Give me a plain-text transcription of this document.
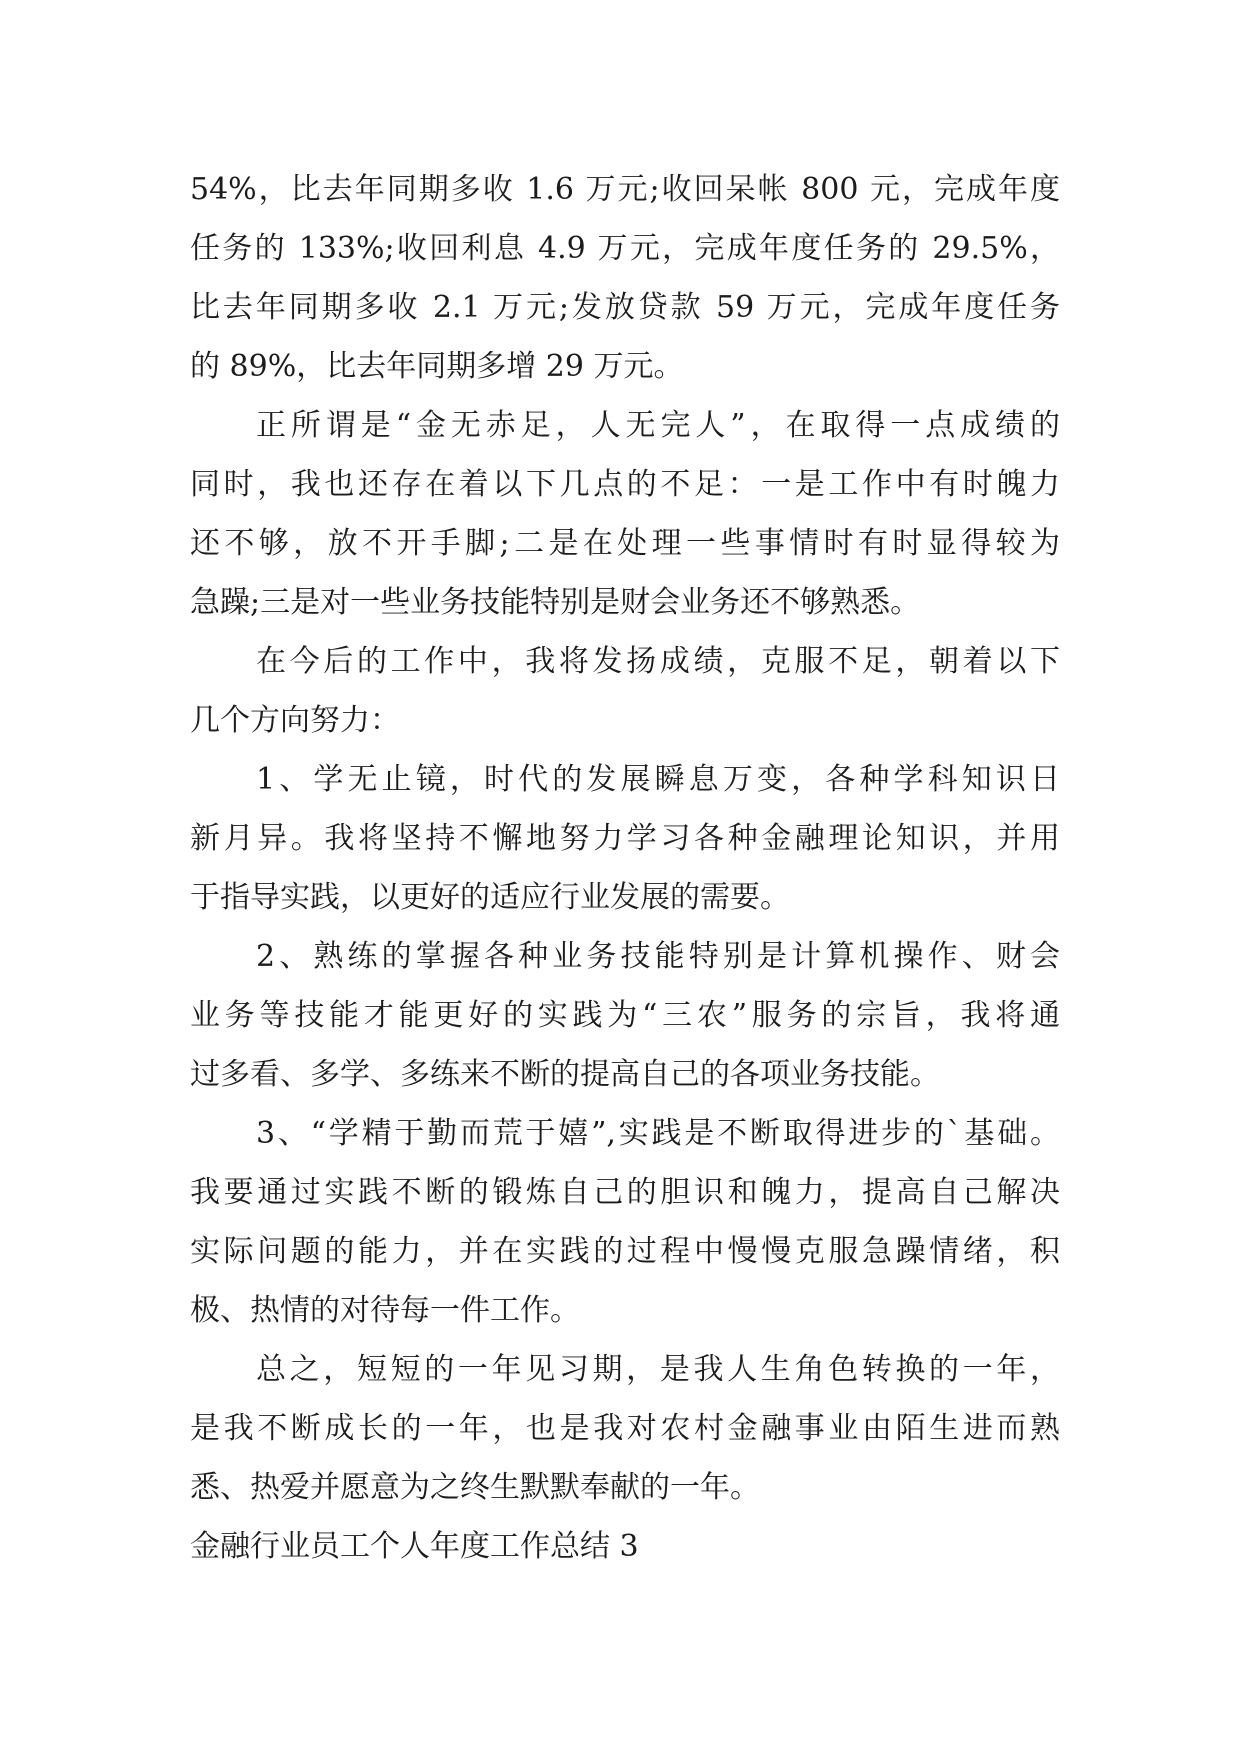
54%，比去年同期多收 1.6 万元;收回呆帐 800 元，完成年度
任务的 133%;收回利息 4.9 万元，完成年度任务的 29.5%，
比去年同期多收 2.1 万元;发放贷款 59 万元，完成年度任务
的 89%，比去年同期多增 29 万元。
正所谓是“金无赤足，人无完人”，在取得一点成绩的
同时，我也还存在着以下几点的不足：一是工作中有时魄力
还不够，放不开手脚;二是在处理一些事情时有时显得较为
急躁;三是对一些业务技能特别是财会业务还不够熟悉。
在今后的工作中，我将发扬成绩，克服不足，朝着以下
几个方向努力：
1、学无止镜，时代的发展瞬息万变，各种学科知识日
新月异。我将坚持不懈地努力学习各种金融理论知识，并用
于指导实践，以更好的适应行业发展的需要。
2、熟练的掌握各种业务技能特别是计算机操作、财会
业务等技能才能更好的实践为“三农”服务的宗旨，我将通
过多看、多学、多练来不断的提高自己的各项业务技能。
3、“学精于勤而荒于嬉”,实践是不断取得进步的`基础。
我要通过实践不断的锻炼自己的胆识和魄力，提高自己解决
实际问题的能力，并在实践的过程中慢慢克服急躁情绪，积
极、热情的对待每一件工作。
总之，短短的一年见习期，是我人生角色转换的一年，
是我不断成长的一年，也是我对农村金融事业由陌生进而熟
悉、热爱并愿意为之终生默默奉献的一年。
金融行业员工个人年度工作总结 3
